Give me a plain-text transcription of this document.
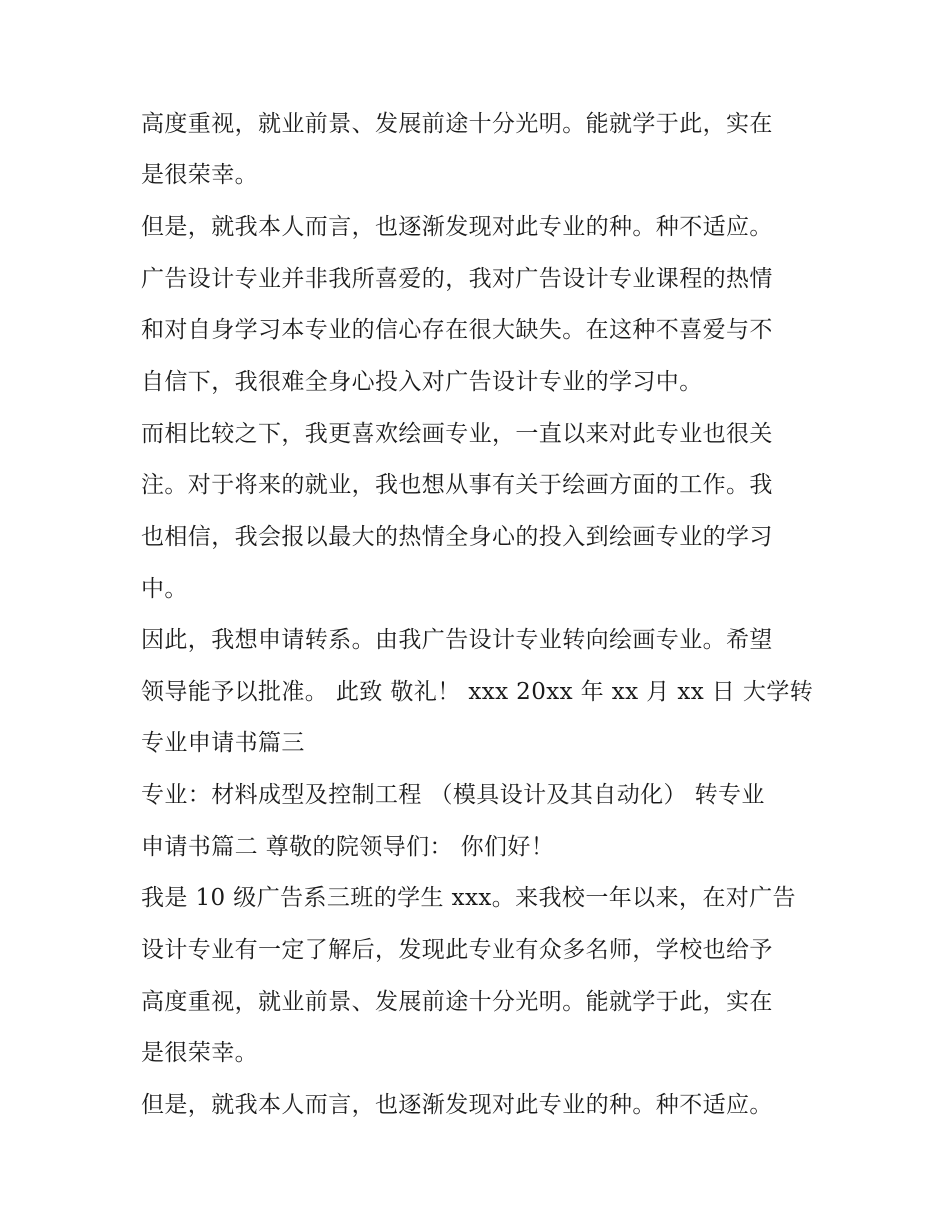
高度重视，就业前景、发展前途十分光明。能就学于此，实在
是很荣幸。
但是，就我本人而言，也逐渐发现对此专业的种。种不适应。
广告设计专业并非我所喜爱的，我对广告设计专业课程的热情
和对自身学习本专业的信心存在很大缺失。在这种不喜爱与不
自信下，我很难全身心投入对广告设计专业的学习中。
而相比较之下，我更喜欢绘画专业，一直以来对此专业也很关
注。对于将来的就业，我也想从事有关于绘画方面的工作。我
也相信，我会报以最大的热情全身心的投入到绘画专业的学习
中。
因此，我想申请转系。由我广告设计专业转向绘画专业。希望
领导能予以批准。 此致 敬礼！ xxx 20xx 年 xx 月 xx 日 大学转
专业申请书篇三
专业：材料成型及控制工程 （模具设计及其自动化） 转专业
申请书篇二 尊敬的院领导们： 你们好！
我是 10 级广告系三班的学生 xxx。来我校一年以来，在对广告
设计专业有一定了解后，发现此专业有众多名师，学校也给予
高度重视，就业前景、发展前途十分光明。能就学于此，实在
是很荣幸。
但是，就我本人而言，也逐渐发现对此专业的种。种不适应。
